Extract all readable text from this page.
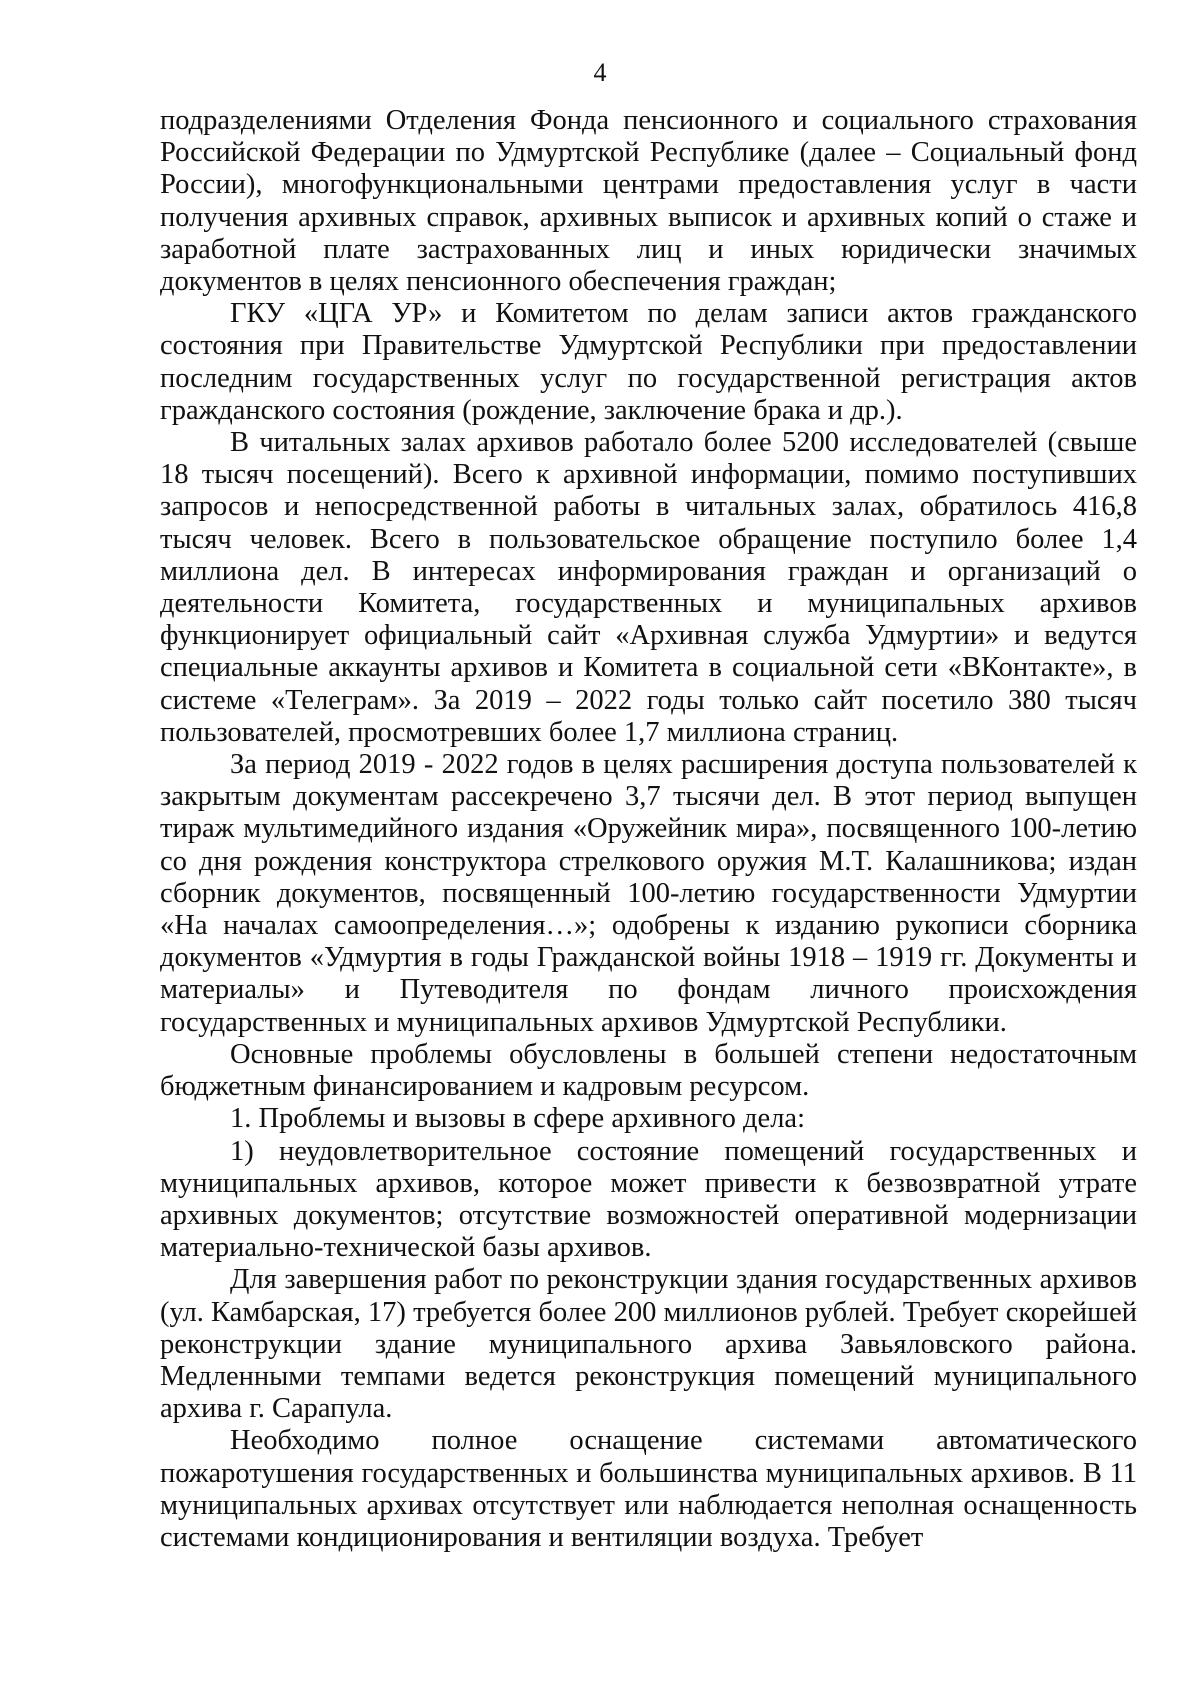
4

подразделениями Отделения Фонда пенсионного и социального страхования Российской Федерации по Удмуртской Республике (далее – Социальный фонд России), многофункциональными центрами предоставления услуг в части получения архивных справок, архивных выписок и архивных копий о стаже и заработной плате застрахованных лиц и иных юридически значимых документов в целях пенсионного обеспечения граждан;

ГКУ «ЦГА УР» и Комитетом по делам записи актов гражданского состояния при Правительстве Удмуртской Республики при предоставлении последним государственных услуг по государственной регистрация актов гражданского состояния (рождение, заключение брака и др.).

В читальных залах архивов работало более 5200 исследователей (свыше 18 тысяч посещений). Всего к архивной информации, помимо поступивших запросов и непосредственной работы в читальных залах, обратилось 416,8 тысяч человек. Всего в пользовательское обращение поступило более 1,4 миллиона дел. В интересах информирования граждан и организаций о деятельности Комитета, государственных и муниципальных архивов функционирует официальный сайт «Архивная служба Удмуртии» и ведутся специальные аккаунты архивов и Комитета в социальной сети «ВКонтакте», в системе «Телеграм». За 2019 – 2022 годы только сайт посетило 380 тысяч пользователей, просмотревших более 1,7 миллиона страниц.

За период 2019 - 2022 годов в целях расширения доступа пользователей к закрытым документам рассекречено 3,7 тысячи дел. В этот период выпущен тираж мультимедийного издания «Оружейник мира», посвященного 100-летию со дня рождения конструктора стрелкового оружия М.Т. Калашникова; издан сборник документов, посвященный 100-летию государственности Удмуртии «На началах самоопределения…»; одобрены к изданию рукописи сборника документов «Удмуртия в годы Гражданской войны 1918 – 1919 гг. Документы и материалы» и Путеводителя по фондам личного происхождения государственных и муниципальных архивов Удмуртской Республики.

Основные проблемы обусловлены в большей степени недостаточным бюджетным финансированием и кадровым ресурсом.

1. Проблемы и вызовы в сфере архивного дела:

1) неудовлетворительное состояние помещений государственных и муниципальных архивов, которое может привести к безвозвратной утрате архивных документов; отсутствие возможностей оперативной модернизации материально-технической базы архивов.

Для завершения работ по реконструкции здания государственных архивов (ул. Камбарская, 17) требуется более 200 миллионов рублей. Требует скорейшей реконструкции здание муниципального архива Завьяловского района. Медленными темпами ведется реконструкция помещений муниципального архива г. Сарапула.

Необходимо полное оснащение системами автоматического пожаротушения государственных и большинства муниципальных архивов. В 11 муниципальных архивах отсутствует или наблюдается неполная оснащенность системами кондиционирования и вентиляции воздуха. Требует
